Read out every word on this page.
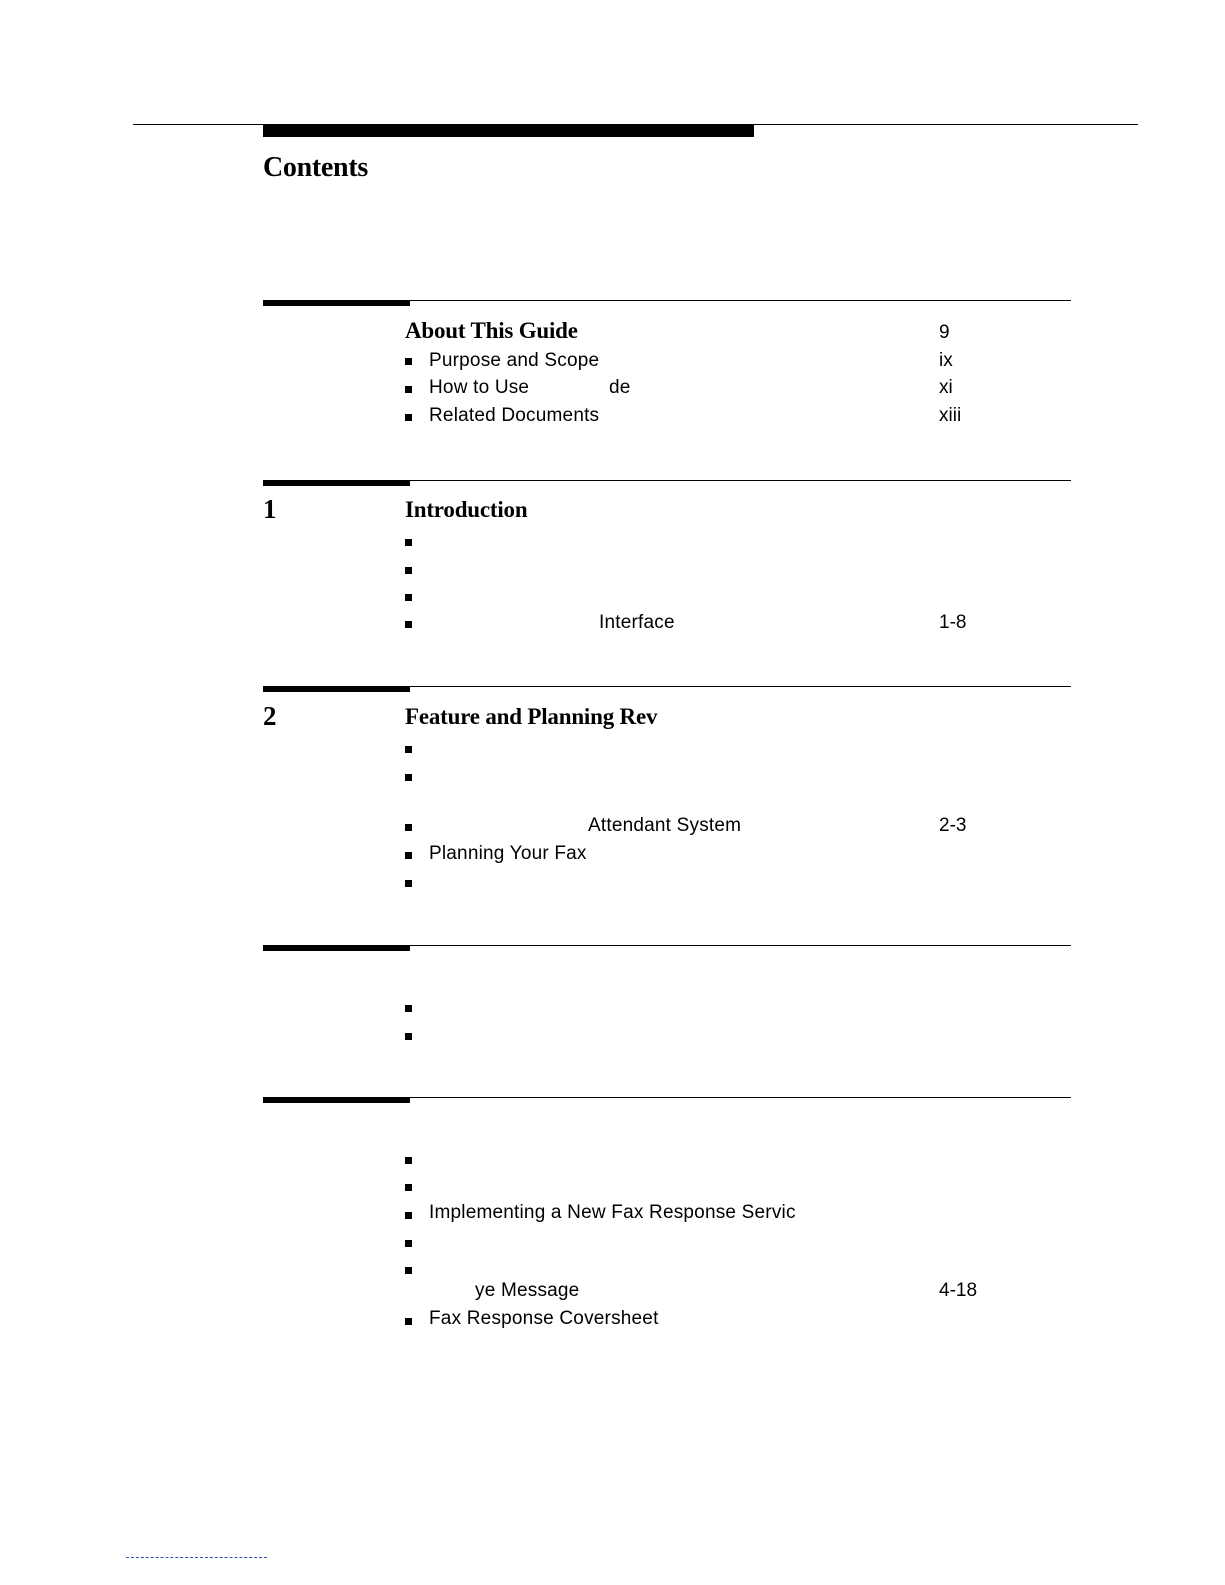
Contents
About This Guide	9
Purpose and Scope	ix
How to Use	de	xi
Related Documents	xiii
1	Introduction
Interface	1-8
2	Feature and Planning Rev
Attendant System	2-3
Planning Your Fax
Implementing a New Fax Response Servic
ye Message	4-18
Fax Response Coversheet
